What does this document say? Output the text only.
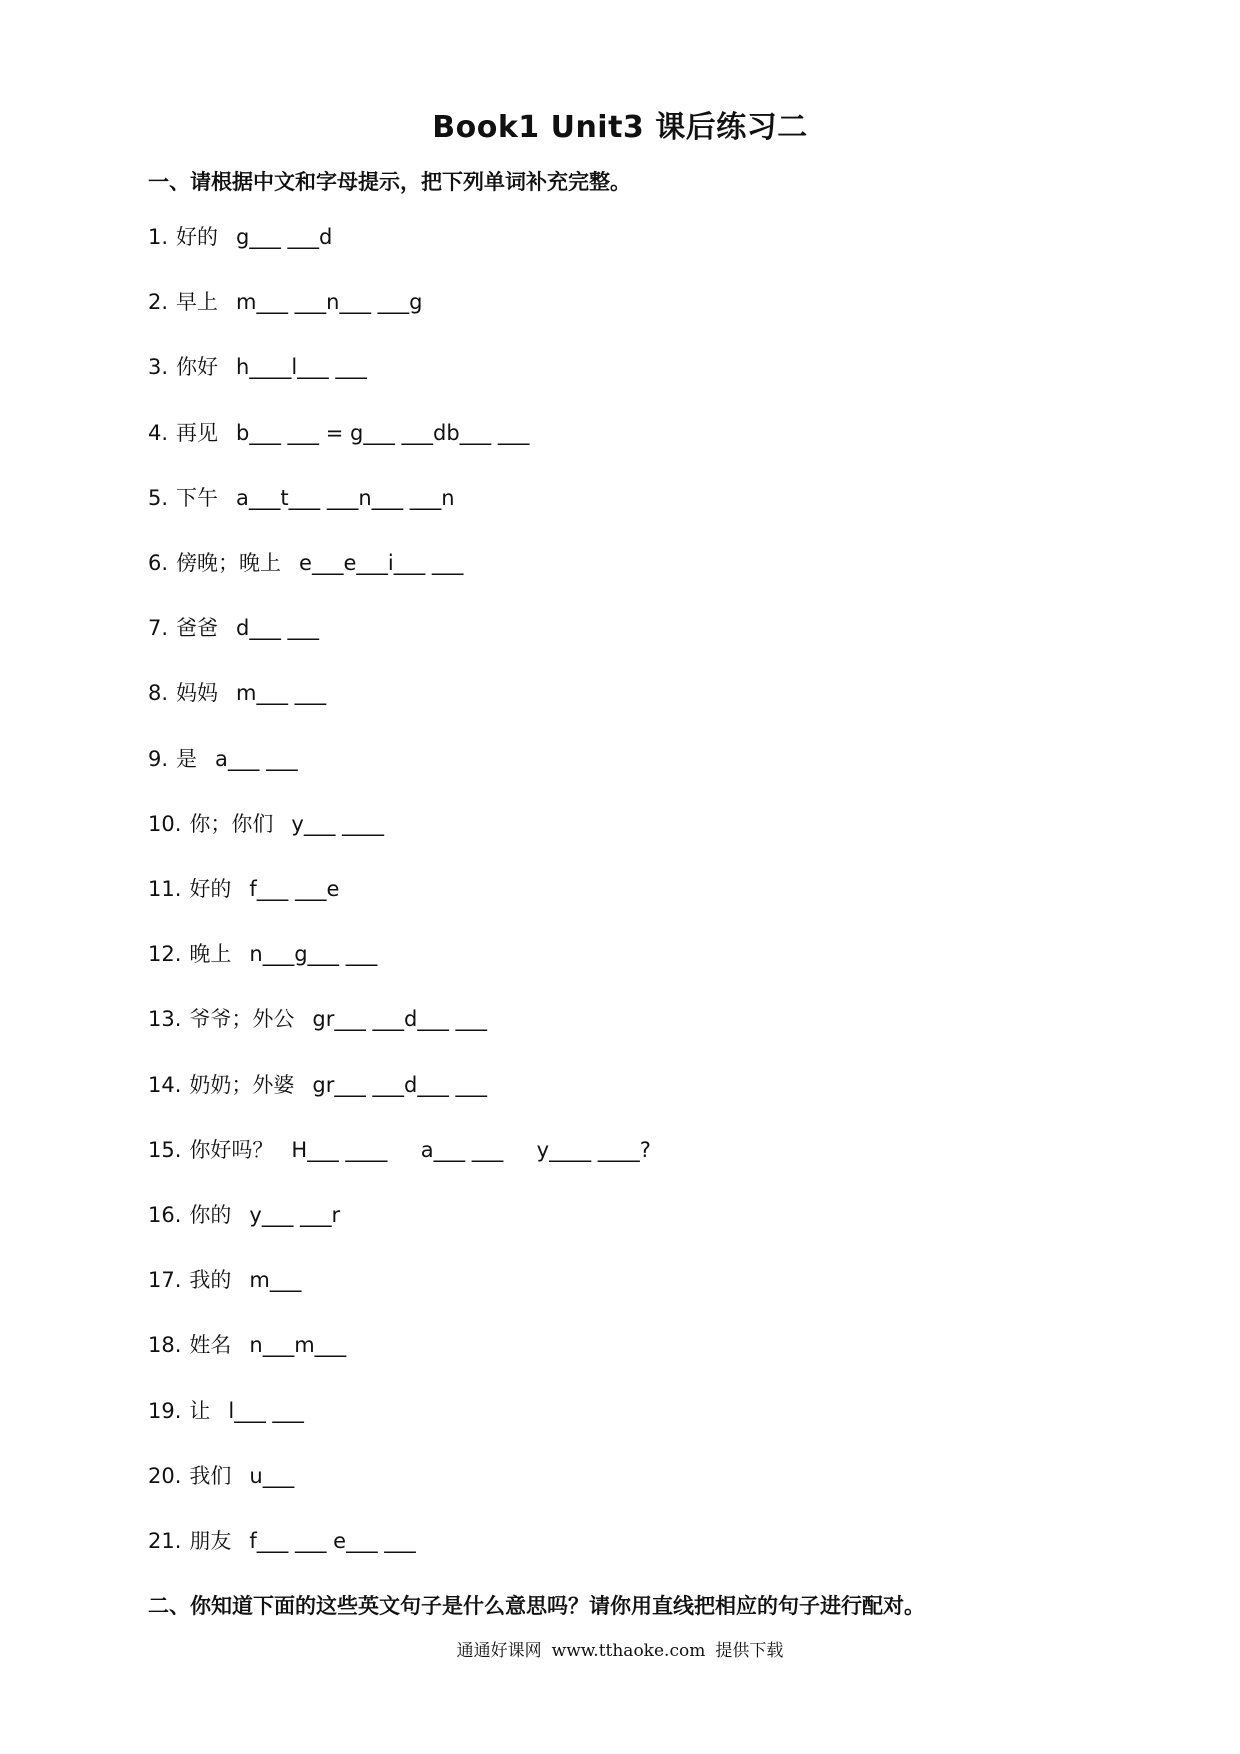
Book1 Unit3 课后练习二
一、请根据中文和字母提示，把下列单词补充完整。
1. 好的 g___ ___d
2. 早上 m___ ___n___ ___g
3. 你好 h____l___ ___
4. 再见 b___ ___ = g___ ___db___ ___
5. 下午 a___t___ ___n___ ___n
6. 傍晚；晚上 e___e___i___ ___
7. 爸爸 d___ ___
8. 妈妈 m___ ___
9. 是 a___ ___
10. 你；你们 y___ ____
11. 好的 f___ ___e
12. 晚上 n___g___ ___
13. 爷爷；外公 gr___ ___d___ ___
14. 奶奶；外婆 gr___ ___d___ ___
15. 你好吗？ H___ ____     a___ ___     y____ ____?
16. 你的 y___ ___r
17.我的 m___
18. 姓名 n___m___
19. 让 l___ ___
20. 我们 u___
21. 朋友 f___ ___ e___ ___
二、你知道下面的这些英文句子是什么意思吗？请你用直线把相应的句子进行配对。
通通好课网 www.tthaoke.com 提供下载
